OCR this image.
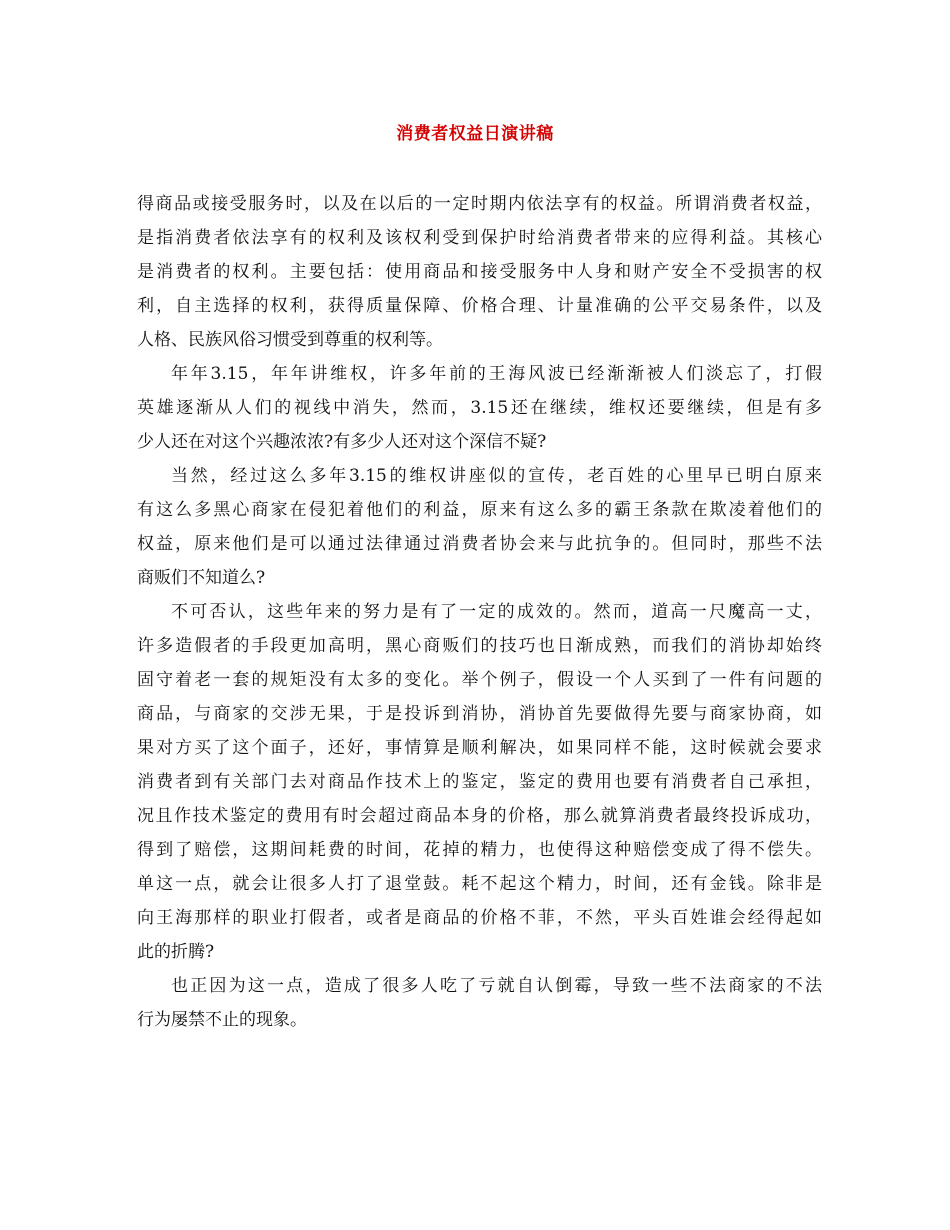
消费者权益日演讲稿
得商品或接受服务时，以及在以后的一定时期内依法享有的权益。所谓消费者权益，
是指消费者依法享有的权利及该权利受到保护时给消费者带来的应得利益。其核心
是消费者的权利。主要包括：使用商品和接受服务中人身和财产安全不受损害的权
利，自主选择的权利，获得质量保障、价格合理、计量准确的公平交易条件，以及
人格、民族风俗习惯受到尊重的权利等。
年年3.15，年年讲维权，许多年前的王海风波已经渐渐被人们淡忘了，打假
英雄逐渐从人们的视线中消失，然而，3.15还在继续，维权还要继续，但是有多
少人还在对这个兴趣浓浓?有多少人还对这个深信不疑?
当然，经过这么多年3.15的维权讲座似的宣传，老百姓的心里早已明白原来
有这么多黑心商家在侵犯着他们的利益，原来有这么多的霸王条款在欺凌着他们的
权益，原来他们是可以通过法律通过消费者协会来与此抗争的。但同时，那些不法
商贩们不知道么?
不可否认，这些年来的努力是有了一定的成效的。然而，道高一尺魔高一丈，
许多造假者的手段更加高明，黑心商贩们的技巧也日渐成熟，而我们的消协却始终
固守着老一套的规矩没有太多的变化。举个例子，假设一个人买到了一件有问题的
商品，与商家的交涉无果，于是投诉到消协，消协首先要做得先要与商家协商，如
果对方买了这个面子，还好，事情算是顺利解决，如果同样不能，这时候就会要求
消费者到有关部门去对商品作技术上的鉴定，鉴定的费用也要有消费者自己承担，
况且作技术鉴定的费用有时会超过商品本身的价格，那么就算消费者最终投诉成功，
得到了赔偿，这期间耗费的时间，花掉的精力，也使得这种赔偿变成了得不偿失。
单这一点，就会让很多人打了退堂鼓。耗不起这个精力，时间，还有金钱。除非是
向王海那样的职业打假者，或者是商品的价格不菲，不然，平头百姓谁会经得起如
此的折腾?
也正因为这一点，造成了很多人吃了亏就自认倒霉，导致一些不法商家的不法
行为屡禁不止的现象。
